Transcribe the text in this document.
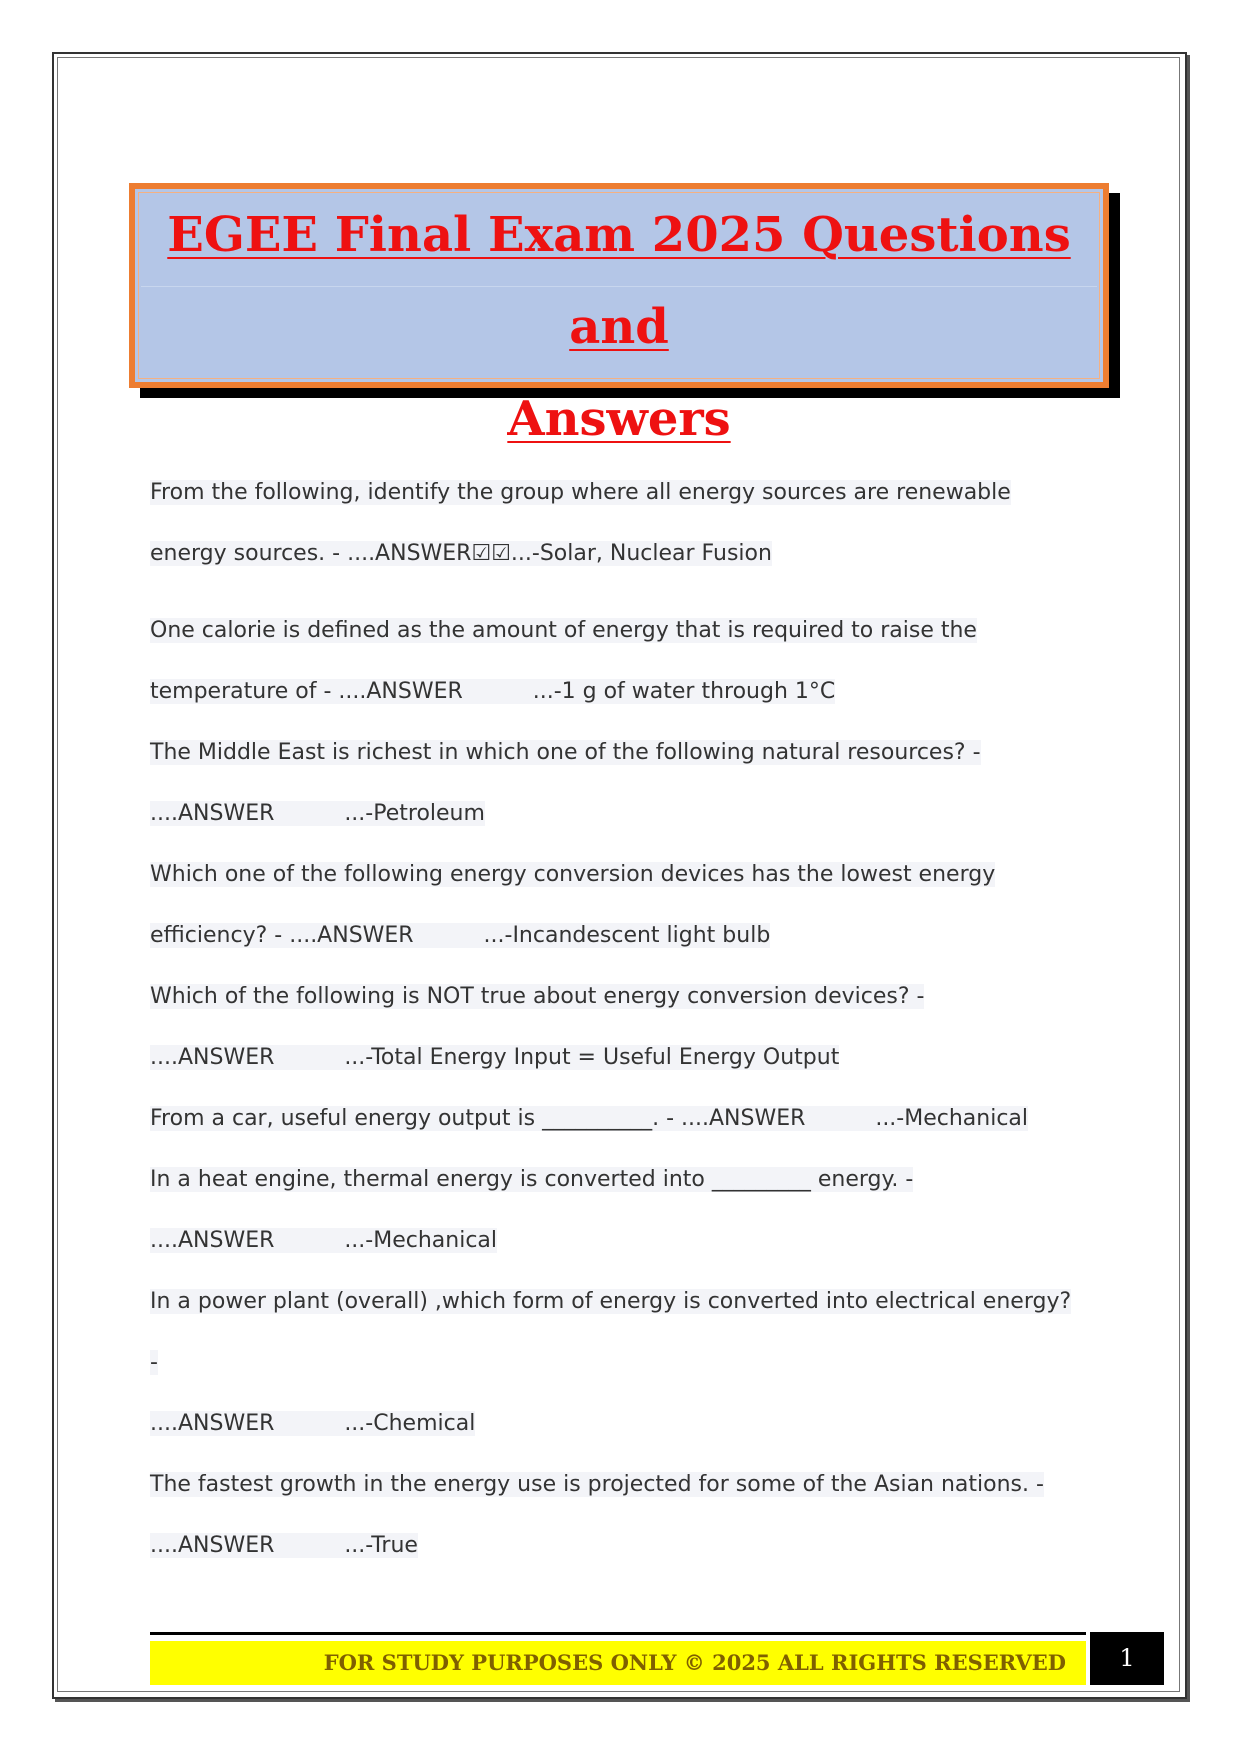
EGEE Final Exam 2025 Questions and

Answers

From the following, identify the group where all energy sources are renewable

energy sources. - ....ANSWER☑☑...-Solar, Nuclear Fusion

One calorie is defined as the amount of energy that is required to raise the

temperature of - ....ANSWER          ...-1 g of water through 1°C

The Middle East is richest in which one of the following natural resources? -

....ANSWER          ...-Petroleum

Which one of the following energy conversion devices has the lowest energy

efficiency? - ....ANSWER          ...-Incandescent light bulb

Which of the following is NOT true about energy conversion devices? -

....ANSWER          ...-Total Energy Input = Useful Energy Output

From a car, useful energy output is __________. - ....ANSWER          ...-Mechanical

In a heat engine, thermal energy is converted into _________ energy. -

....ANSWER          ...-Mechanical

In a power plant (overall) ,which form of energy is converted into electrical energy? -

....ANSWER          ...-Chemical

The fastest growth in the energy use is projected for some of the Asian nations. -

....ANSWER          ...-True

FOR STUDY PURPOSES ONLY © 2025 ALL RIGHTS RESERVED	1
